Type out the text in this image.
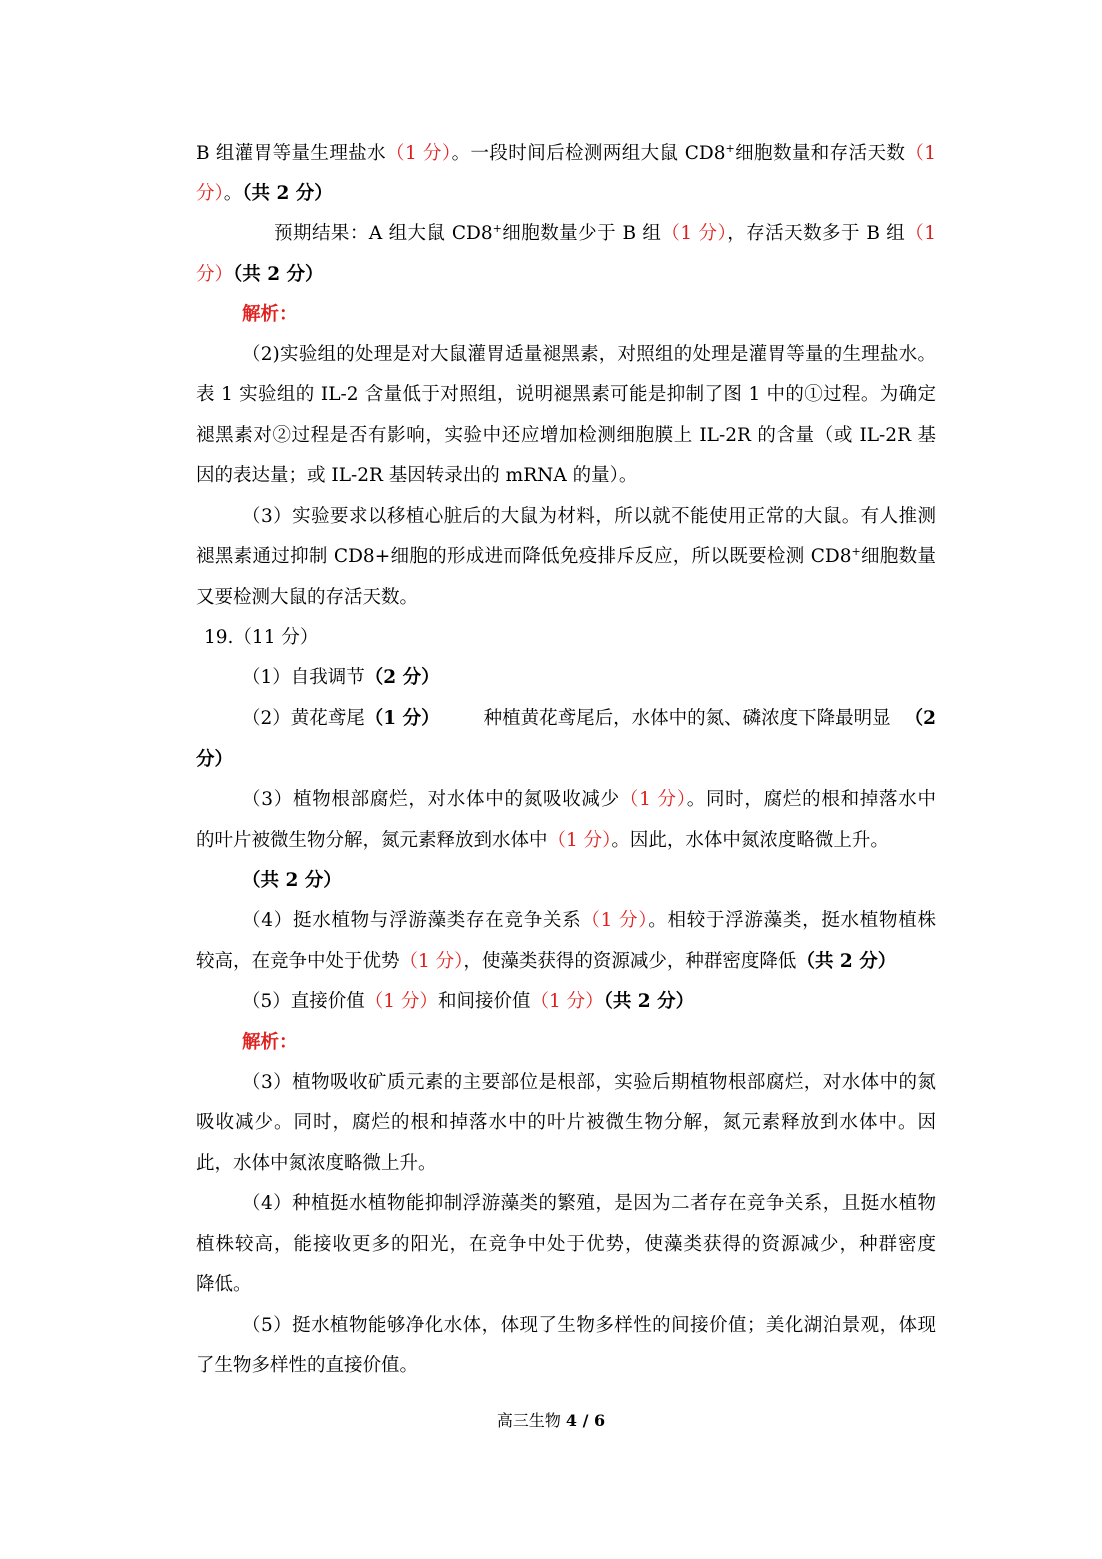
B 组灌胃等量生理盐水（1 分）。一段时间后检测两组大鼠 CD8+细胞数量和存活天数（1
分）。（共 2 分）
预期结果：A 组大鼠 CD8+细胞数量少于 B 组（1 分），存活天数多于 B 组（1
分）（共 2 分）
解析：
（2)实验组的处理是对大鼠灌胃适量褪黑素，对照组的处理是灌胃等量的生理盐水。
表 1 实验组的 IL-2 含量低于对照组，说明褪黑素可能是抑制了图 1 中的①过程。为确定
褪黑素对②过程是否有影响，实验中还应增加检测细胞膜上 IL-2R 的含量（或 IL-2R 基
因的表达量；或 IL-2R 基因转录出的 mRNA 的量）。
（3）实验要求以移植心脏后的大鼠为材料，所以就不能使用正常的大鼠。有人推测
褪黑素通过抑制 CD8+细胞的形成进而降低免疫排斥反应，所以既要检测 CD8+细胞数量
又要检测大鼠的存活天数。
19.（11 分）
（1）自我调节（2 分）
（2）黄花鸢尾（1 分） 种植黄花鸢尾后，水体中的氮、磷浓度下降最明显 （2
分）
（3）植物根部腐烂，对水体中的氮吸收减少（1 分）。同时，腐烂的根和掉落水中
的叶片被微生物分解，氮元素释放到水体中（1 分）。因此，水体中氮浓度略微上升。
（共 2 分）
（4）挺水植物与浮游藻类存在竞争关系（1 分）。相较于浮游藻类，挺水植物植株
较高，在竞争中处于优势（1 分），使藻类获得的资源减少，种群密度降低（共 2 分）
（5）直接价值（1 分）和间接价值（1 分）（共 2 分）
解析：
（3）植物吸收矿质元素的主要部位是根部，实验后期植物根部腐烂，对水体中的氮
吸收减少。同时，腐烂的根和掉落水中的叶片被微生物分解，氮元素释放到水体中。因
此，水体中氮浓度略微上升。
（4）种植挺水植物能抑制浮游藻类的繁殖，是因为二者存在竞争关系，且挺水植物
植株较高，能接收更多的阳光，在竞争中处于优势，使藻类获得的资源减少，种群密度
降低。
（5）挺水植物能够净化水体，体现了生物多样性的间接价值；美化湖泊景观，体现
了生物多样性的直接价值。
高三生物 4 / 6
